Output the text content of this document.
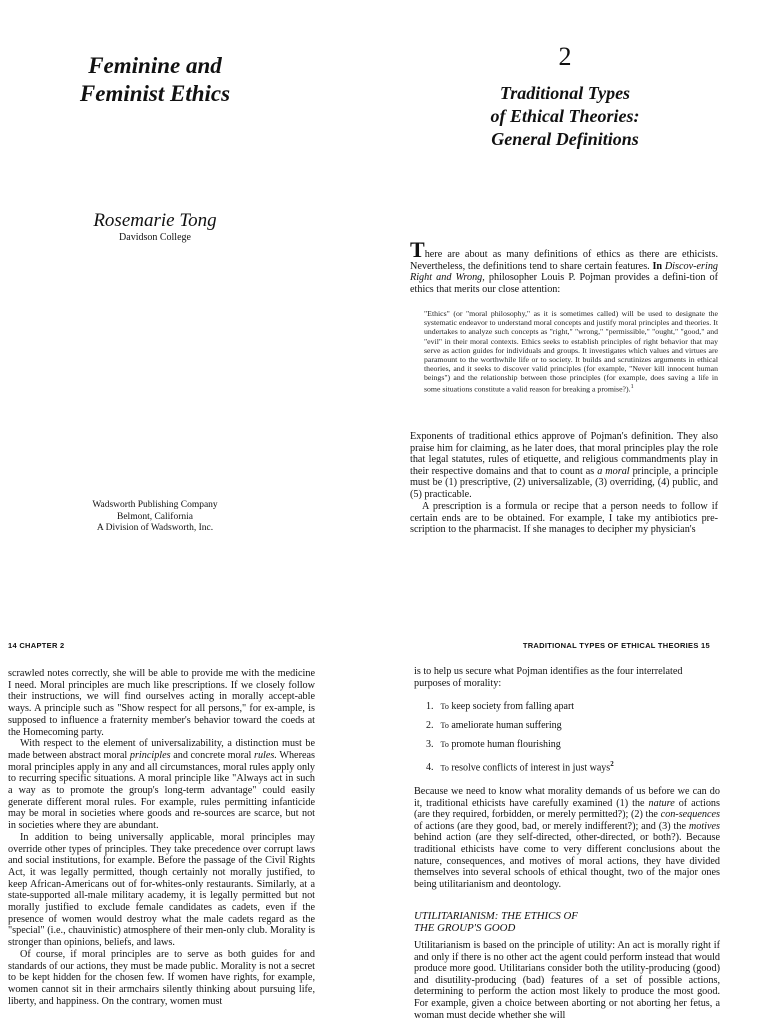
Feminine and
Feminist Ethics
Rosemarie Tong
Davidson College
Wadsworth Publishing Company
Belmont, California
A Division of Wadsworth, Inc.
2
Traditional Types
of Ethical Theories:
General Definitions
There are about as many definitions of ethics as there are ethicists. Nevertheless, the definitions tend to share certain features. In Discov-ering Right and Wrong, philosopher Louis P. Pojman provides a defini-tion of ethics that merits our close attention:
"Ethics" (or "moral philosophy," as it is sometimes called) will be used to designate the systematic endeavor to understand moral concepts and justify moral principles and theories. It undertakes to analyze such concepts as "right," "wrong," "permissible," "ought," "good," and "evil" in their moral contexts. Ethics seeks to establish principles of right behavior that may serve as action guides for individuals and groups. It investigates which values and virtues are paramount to the worthwhile life or to society. It builds and scrutinizes arguments in ethical theories, and it seeks to discover valid principles (for example, "Never kill innocent human beings") and the relationship between those principles (for example, does saving a life in some situations constitute a valid reason for breaking a promise?).$^1$
Exponents of traditional ethics approve of Pojman's definition. They also praise him for claiming, as he later does, that moral principles play the role that legal statutes, rules of etiquette, and religious commandments play in their respective domains and that to count as a moral principle, a principle must be (1) prescriptive, (2) universalizable, (3) overriding, (4) public, and (5) practicable.
A prescription is a formula or recipe that a person needs to follow if certain ends are to be obtained. For example, I take my antibiotics pre-scription to the pharmacist. If she manages to decipher my physician's
14 CHAPTER 2

scrawled notes correctly, she will be able to provide me with the medicine I need. Moral principles are much like prescriptions. If we closely follow their instructions, we will find ourselves acting in morally accept-able ways. A principle such as "Show respect for all persons," for ex-ample, is supposed to influence a fraternity member's behavior toward the coeds at the Homecoming party.

With respect to the element of universalizability, a distinction must be made between abstract moral principles and concrete moral rules. Whereas moral principles apply in any and all circumstances, moral rules apply only to recurring specific situations. A moral principle like "Always act in such a way as to promote the group's long-term advantage" could easily generate different moral rules. For example, rules permitting infanticide may be moral in societies where goods and re-sources are scarce, but not in societies where they are abundant.

In addition to being universally applicable, moral principles may override other types of principles. They take precedence over corrupt laws and social institutions, for example. Before the passage of the Civil Rights Act, it was legally permitted, though certainly not morally justified, to keep African-Americans out of for-whites-only restaurants. Similarly, at a state-supported all-male military academy, it is legally permitted but not morally justified to exclude female candidates as cadets, even if the presence of women would destroy what the male cadets regard as the "special" (i.e., chauvinistic) atmosphere of their men-only club. Morality is stronger than opinions, beliefs, and laws.

Of course, if moral principles are to serve as both guides for and standards of our actions, they must be made public. Morality is not a secret to be kept hidden for the chosen few. If women have rights, for example, women cannot sit in their armchairs silently thinking about pursuing life, liberty, and happiness. On the contrary, women must

TRADITIONAL TYPES OF ETHICAL THEORIES 15
is to help us secure what Pojman identifies as the four interrelated purposes of morality:
1. To keep society from falling apart
2. To ameliorate human suffering
3. To promote human flourishing
4. To resolve conflicts of interest in just ways$^2$
Because we need to know what morality demands of us before we can do it, traditional ethicists have carefully examined (1) the nature of actions (are they required, forbidden, or merely permitted?); (2) the con-sequences of actions (are they good, bad, or merely indifferent?); and (3) the motives behind action (are they self-directed, other-directed, or both?). Because traditional ethicists have come to very different conclusions about the nature, consequences, and motives of moral actions, they have divided themselves into several schools of ethical thought, two of the major ones being utilitarianism and deontology.
UTILITARIANISM: THE ETHICS OF
THE GROUP'S GOOD
Utilitarianism is based on the principle of utility: An act is morally right if and only if there is no other act the agent could perform instead that would produce more good. Utilitarians consider both the utility-producing (good) and disutility-producing (bad) features of a set of possible actions, determining to perform the action most likely to produce the most good. For example, given a choice between aborting or not aborting her fetus, a woman must decide whether she will
